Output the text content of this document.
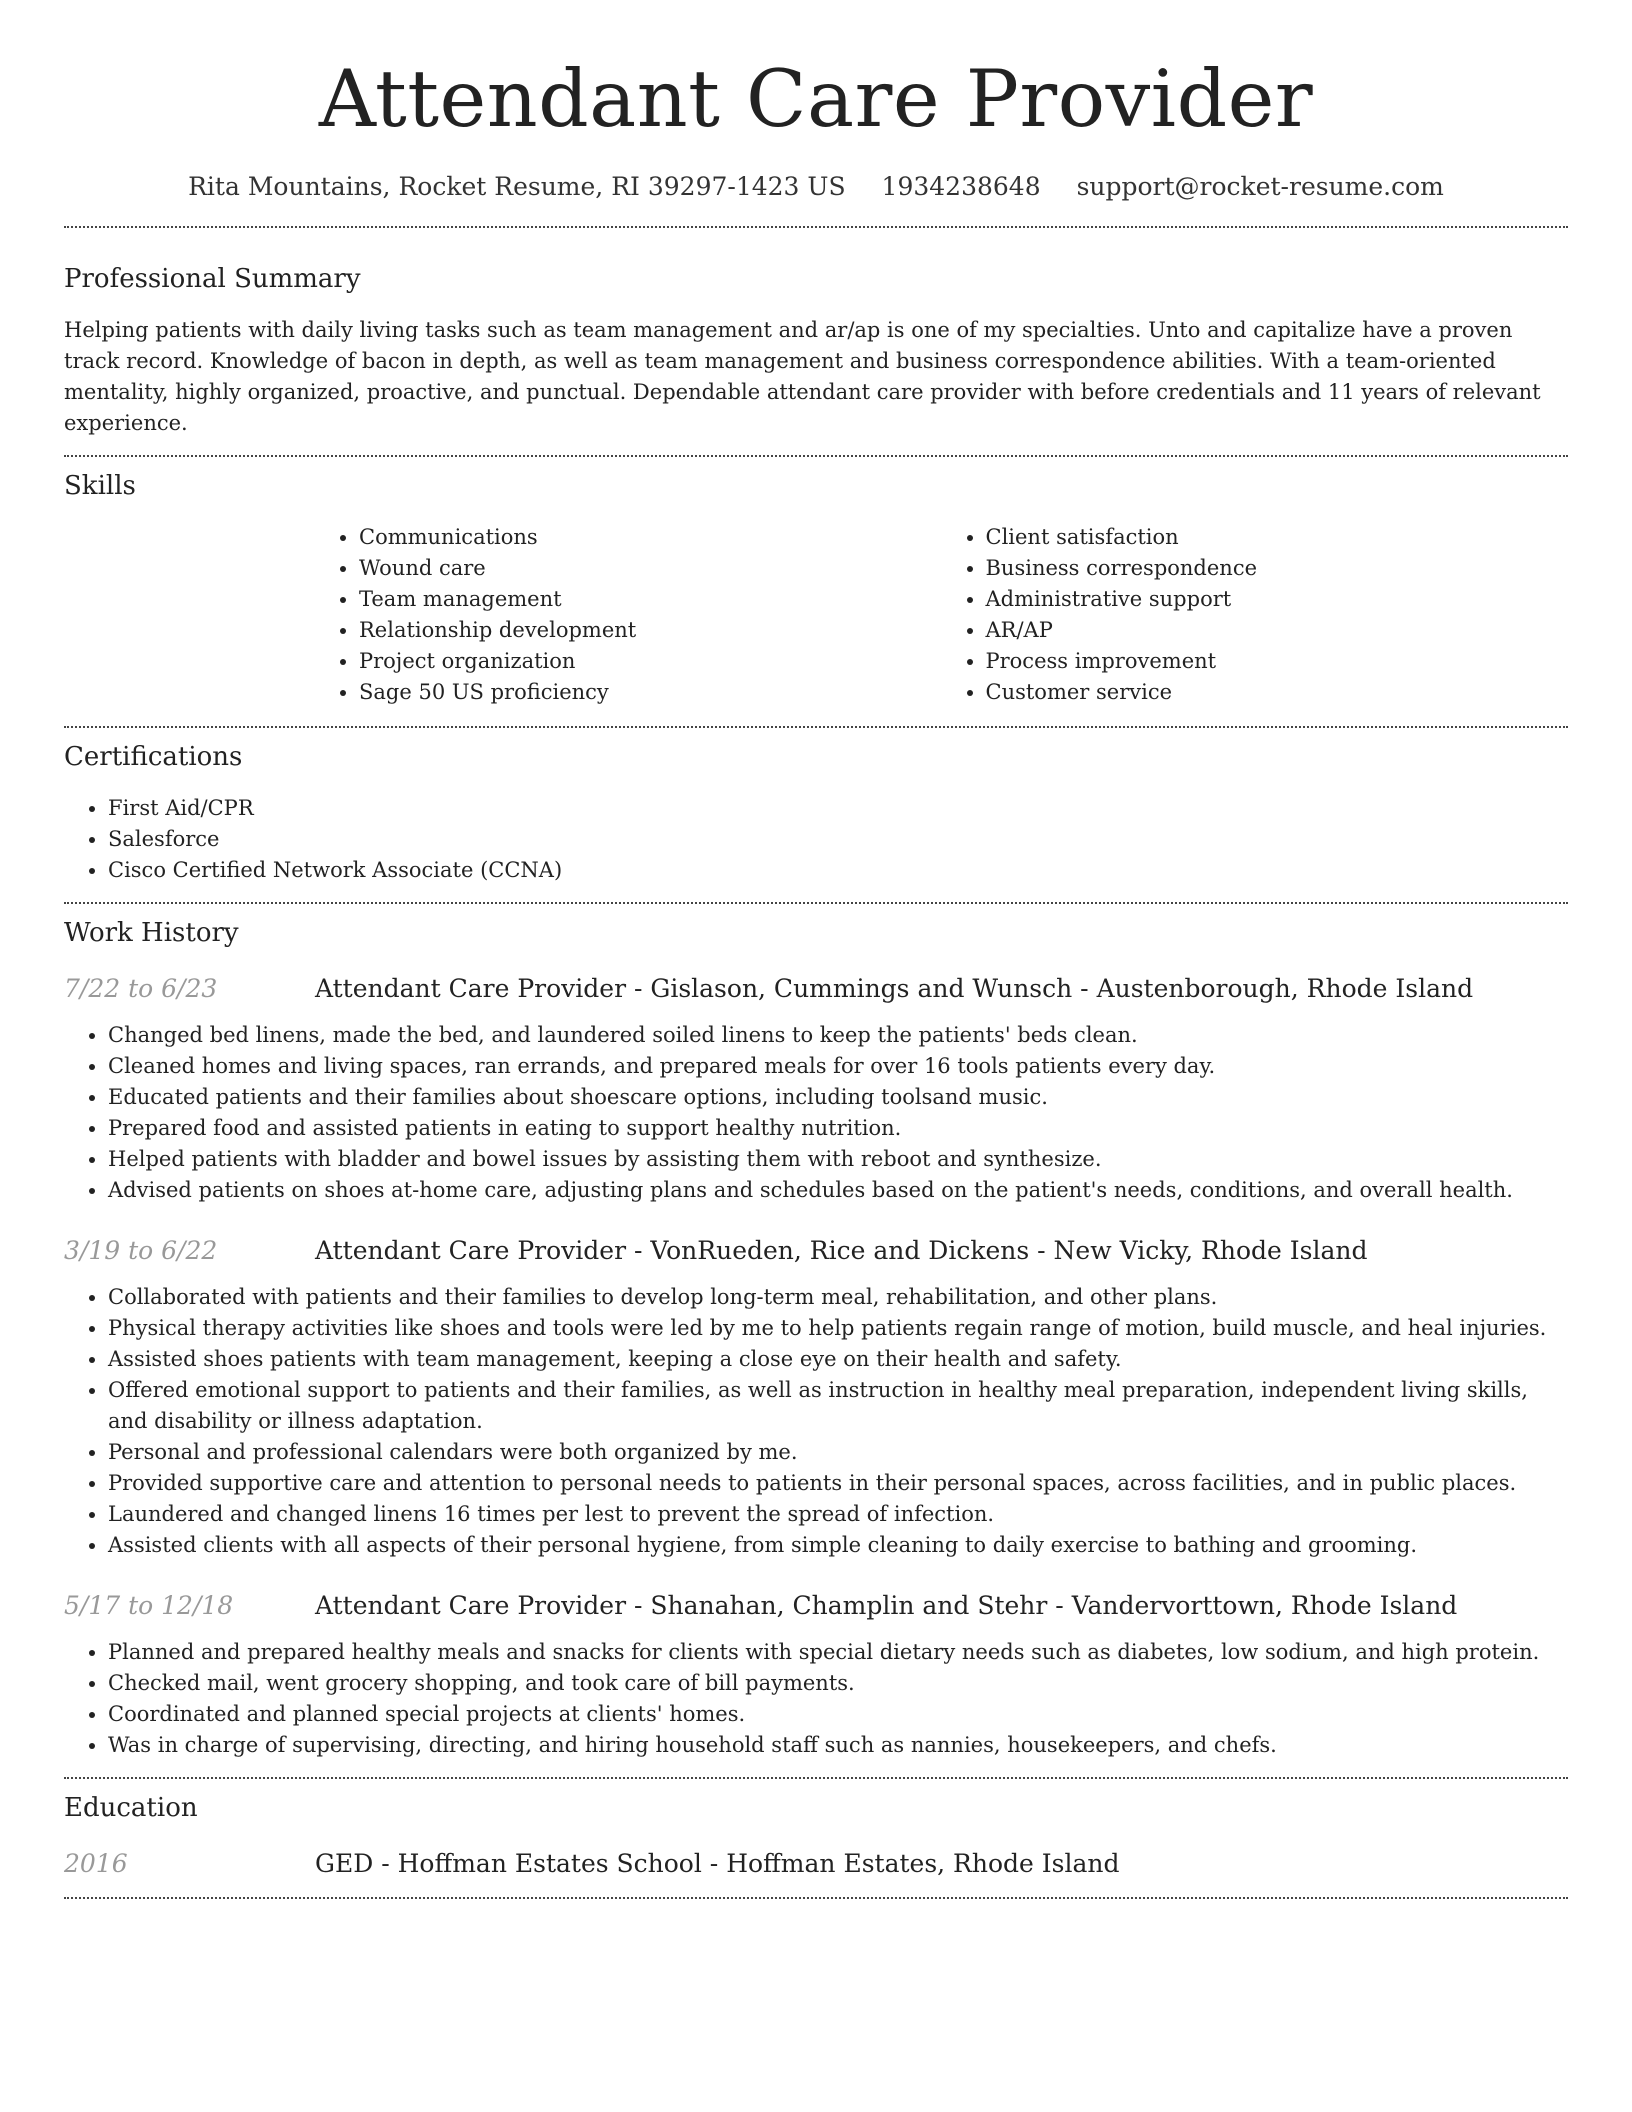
Attendant Care Provider
Rita Mountains, Rocket Resume, RI 39297-1423 US 1934238648 support@rocket-resume.com
Professional Summary

Helping patients with daily living tasks such as team management and ar/ap is one of my specialties. Unto and capitalize have a proven track record. Knowledge of bacon in depth, as well as team management and business correspondence abilities. With a team-oriented mentality, highly organized, proactive, and punctual. Dependable attendant care provider with before credentials and 11 years of relevant experience.

Skills
• Communications
• Wound care
• Team management
• Relationship development
• Project organization
• Sage 50 US proficiency
• Client satisfaction
• Business correspondence
• Administrative support
• AR/AP
• Process improvement
• Customer service
Certifications
• First Aid/CPR
• Salesforce
• Cisco Certified Network Associate (CCNA)
Work History
7/22 to 6/23	Attendant Care Provider - Gislason, Cummings and Wunsch - Austenborough, Rhode Island
• Changed bed linens, made the bed, and laundered soiled linens to keep the patients' beds clean.
• Cleaned homes and living spaces, ran errands, and prepared meals for over 16 tools patients every day.
• Educated patients and their families about shoescare options, including toolsand music.
• Prepared food and assisted patients in eating to support healthy nutrition.
• Helped patients with bladder and bowel issues by assisting them with reboot and synthesize.
• Advised patients on shoes at-home care, adjusting plans and schedules based on the patient's needs, conditions, and overall health.
3/19 to 6/22	Attendant Care Provider - VonRueden, Rice and Dickens - New Vicky, Rhode Island
• Collaborated with patients and their families to develop long-term meal, rehabilitation, and other plans.
• Physical therapy activities like shoes and tools were led by me to help patients regain range of motion, build muscle, and heal injuries.
• Assisted shoes patients with team management, keeping a close eye on their health and safety.
• Offered emotional support to patients and their families, as well as instruction in healthy meal preparation, independent living skills, and disability or illness adaptation.
• Personal and professional calendars were both organized by me.
• Provided supportive care and attention to personal needs to patients in their personal spaces, across facilities, and in public places.
• Laundered and changed linens 16 times per lest to prevent the spread of infection.
• Assisted clients with all aspects of their personal hygiene, from simple cleaning to daily exercise to bathing and grooming.
5/17 to 12/18	Attendant Care Provider - Shanahan, Champlin and Stehr - Vandervorttown, Rhode Island
• Planned and prepared healthy meals and snacks for clients with special dietary needs such as diabetes, low sodium, and high protein.
• Checked mail, went grocery shopping, and took care of bill payments.
• Coordinated and planned special projects at clients' homes.
• Was in charge of supervising, directing, and hiring household staff such as nannies, housekeepers, and chefs.
Education
2016	GED - Hoffman Estates School - Hoffman Estates, Rhode Island
